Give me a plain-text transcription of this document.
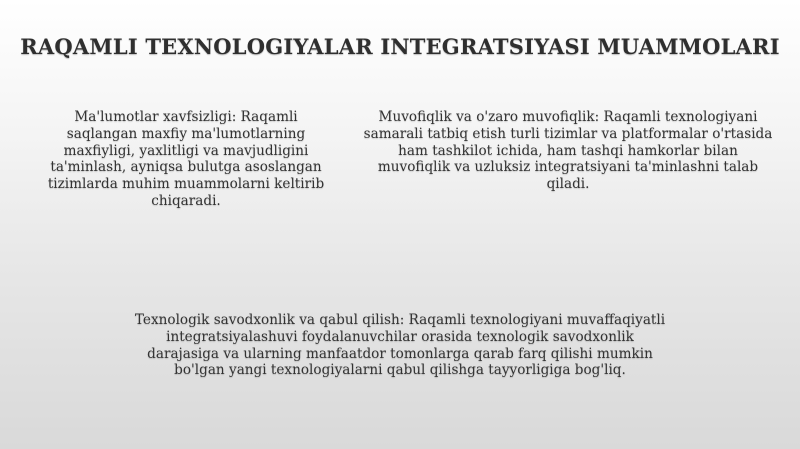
RAQAMLI TEXNOLOGIYALAR INTEGRATSIYASI MUAMMOLARI
Ma'lumotlar xavfsizligi: Raqamli
saqlangan maxfiy ma'lumotlarning
maxfiyligi, yaxlitligi va mavjudligini
ta'minlash, ayniqsa bulutga asoslangan
tizimlarda muhim muammolarni keltirib
chiqaradi.
Muvofiqlik va o'zaro muvofiqlik: Raqamli texnologiyani
samarali tatbiq etish turli tizimlar va platformalar o'rtasida
ham tashkilot ichida, ham tashqi hamkorlar bilan
muvofiqlik va uzluksiz integratsiyani ta'minlashni talab
qiladi.
Texnologik savodxonlik va qabul qilish: Raqamli texnologiyani muvaffaqiyatli
integratsiyalashuvi foydalanuvchilar orasida texnologik savodxonlik
darajasiga va ularning manfaatdor tomonlarga qarab farq qilishi mumkin
bo'lgan yangi texnologiyalarni qabul qilishga tayyorligiga bog'liq.
